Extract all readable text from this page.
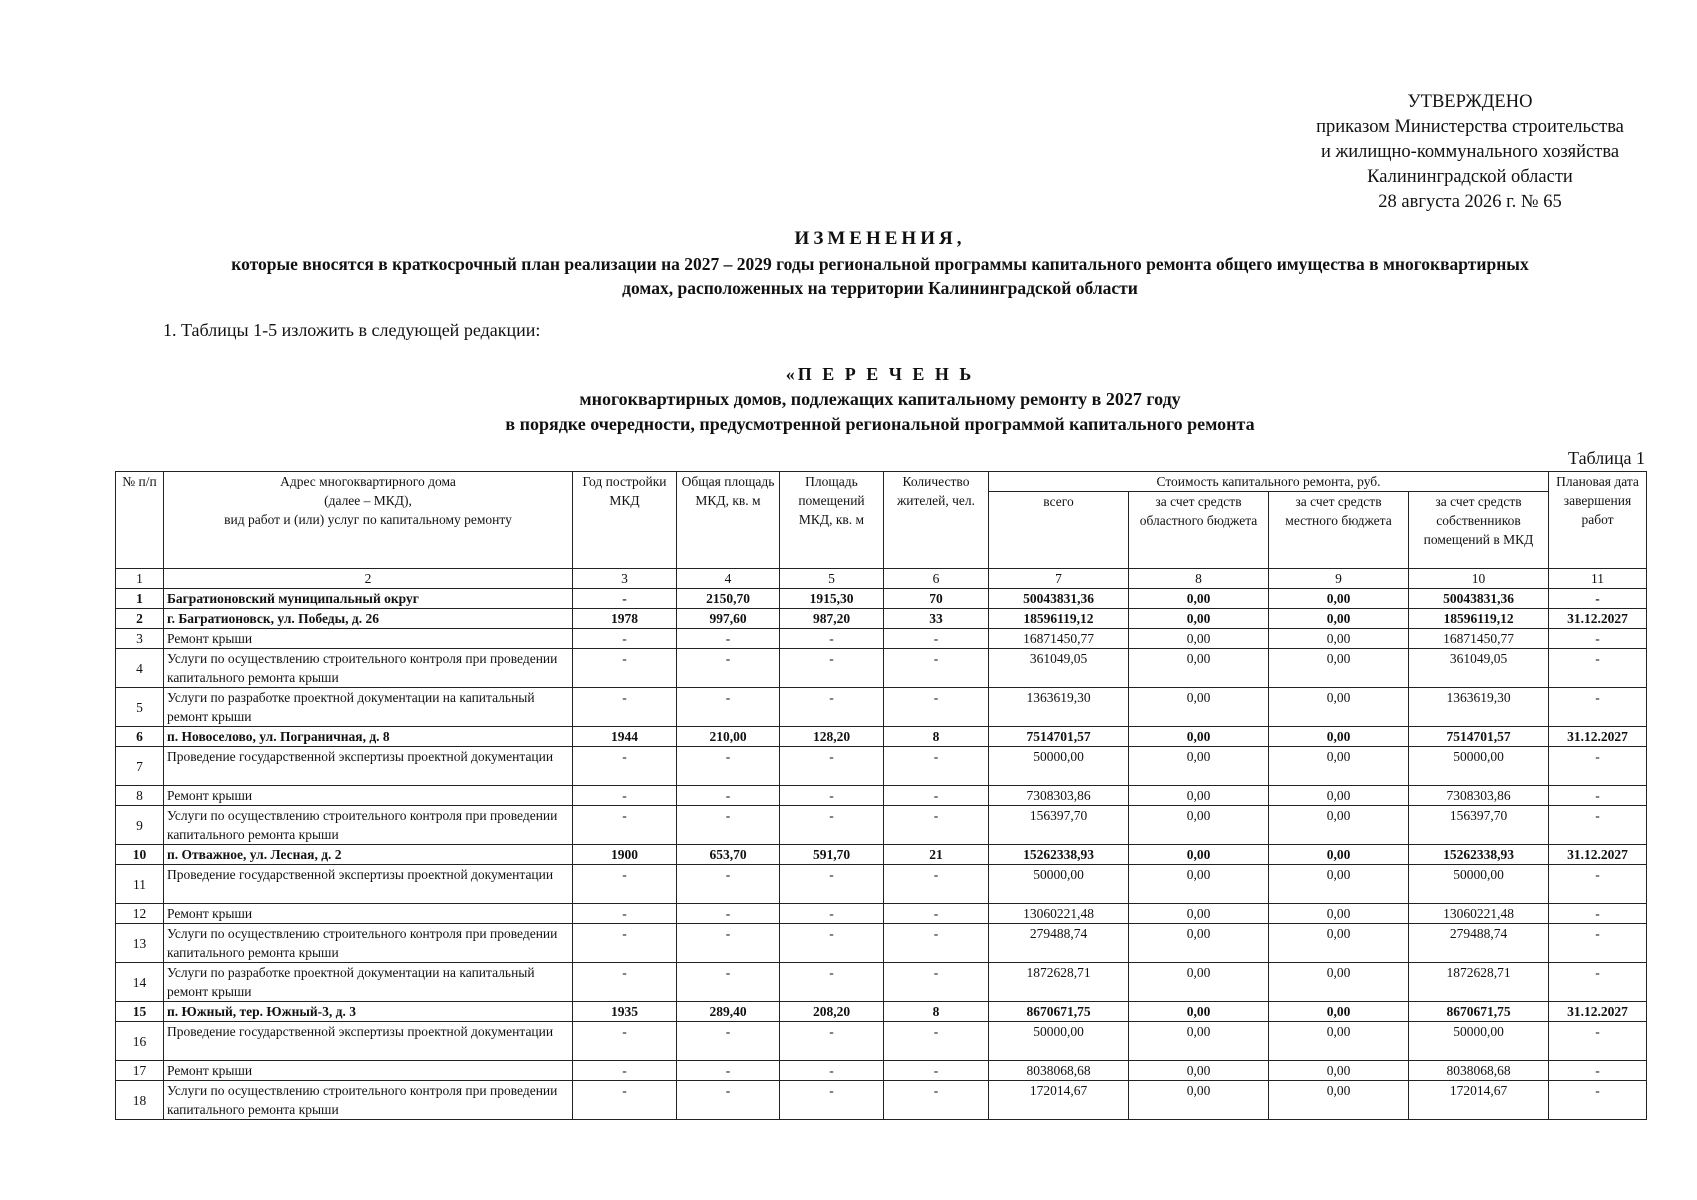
УТВЕРЖДЕНО
приказом Министерства строительства
и жилищно-коммунального хозяйства
Калининградской области
28 августа 2026 г. № 65
ИЗМЕНЕНИЯ,
которые вносятся в краткосрочный план реализации на 2027 – 2029 годы региональной программы капитального ремонта общего имущества в многоквартирных
домах, расположенных на территории Калининградской области
1. Таблицы 1-5 изложить в следующей редакции:
«П Е Р Е Ч Е Н Ь
многоквартирных домов, подлежащих капитальному ремонту в 2027 году
в порядке очередности, предусмотренной региональной программой капитального ремонта
Таблица 1
№ п/п	Адрес многоквартирного дома
(далее – МКД),
вид работ и (или) услуг по капитальному ремонту	Год постройки МКД	Общая площадь МКД, кв. м	Площадь помещений МКД, кв. м	Количество жителей, чел.	Стоимость капитального ремонта, руб.				Плановая дата завершения работ
						всего	за счет средств областного бюджета	за счет средств местного бюджета	за счет средств собственников помещений в МКД	
1	2	3	4	5	6	7	8	9	10	11
1	Багратионовский муниципальный округ	-	2150,70	1915,30	70	50043831,36	0,00	0,00	50043831,36	-
2	г. Багратионовск, ул. Победы, д. 26	1978	997,60	987,20	33	18596119,12	0,00	0,00	18596119,12	31.12.2027
3	Ремонт крыши	-	-	-	-	16871450,77	0,00	0,00	16871450,77	-
4	Услуги по осуществлению строительного контроля при проведении капитального ремонта крыши	-	-	-	-	361049,05	0,00	0,00	361049,05	-
5	Услуги по разработке проектной документации на капитальный ремонт крыши	-	-	-	-	1363619,30	0,00	0,00	1363619,30	-
6	п. Новоселово, ул. Пограничная, д. 8	1944	210,00	128,20	8	7514701,57	0,00	0,00	7514701,57	31.12.2027
7	Проведение государственной экспертизы проектной документации	-	-	-	-	50000,00	0,00	0,00	50000,00	-
8	Ремонт крыши	-	-	-	-	7308303,86	0,00	0,00	7308303,86	-
9	Услуги по осуществлению строительного контроля при проведении капитального ремонта крыши	-	-	-	-	156397,70	0,00	0,00	156397,70	-
10	п. Отважное, ул. Лесная, д. 2	1900	653,70	591,70	21	15262338,93	0,00	0,00	15262338,93	31.12.2027
11	Проведение государственной экспертизы проектной документации	-	-	-	-	50000,00	0,00	0,00	50000,00	-
12	Ремонт крыши	-	-	-	-	13060221,48	0,00	0,00	13060221,48	-
13	Услуги по осуществлению строительного контроля при проведении капитального ремонта крыши	-	-	-	-	279488,74	0,00	0,00	279488,74	-
14	Услуги по разработке проектной документации на капитальный ремонт крыши	-	-	-	-	1872628,71	0,00	0,00	1872628,71	-
15	п. Южный, тер. Южный-3, д. 3	1935	289,40	208,20	8	8670671,75	0,00	0,00	8670671,75	31.12.2027
16	Проведение государственной экспертизы проектной документации	-	-	-	-	50000,00	0,00	0,00	50000,00	-
17	Ремонт крыши	-	-	-	-	8038068,68	0,00	0,00	8038068,68	-
18	Услуги по осуществлению строительного контроля при проведении капитального ремонта крыши	-	-	-	-	172014,67	0,00	0,00	172014,67	-
